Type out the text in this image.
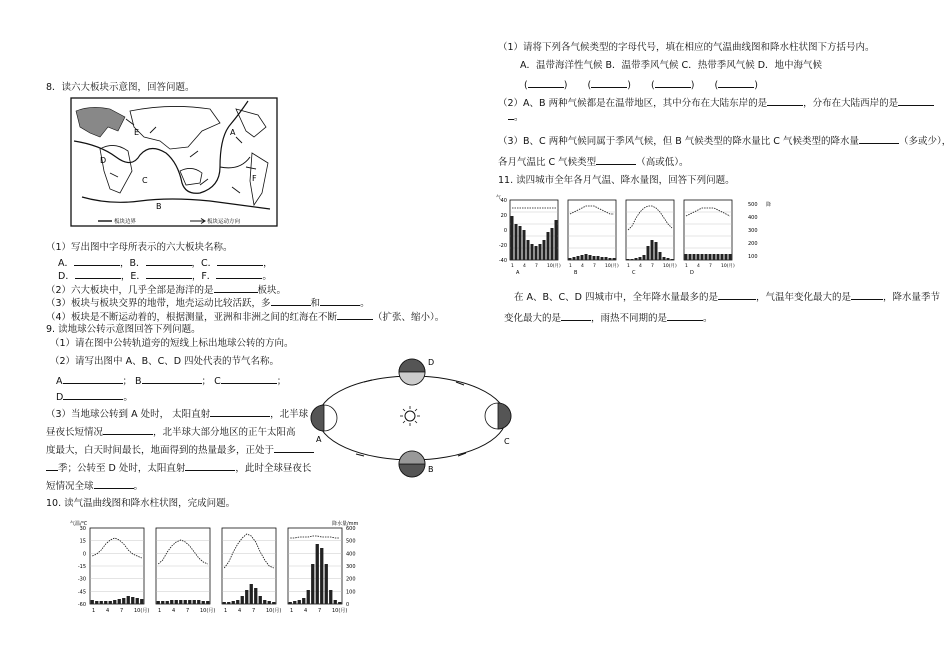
8．读六大板块示意图，回答问题。
A
B
C
D
E
F
板块边界	板块运动方向
（1）写出图中字母所表示的六大板块名称。
A．	，B．	，C．	，
D．	，E．	，F．	。
（2）六大板块中，几乎全部是海洋的是	板块。
（3）板块与板块交界的地带，地壳运动比较活跃，多	和	。
（4）板块是不断运动着的，根据测量，亚洲和非洲之间的红海在不断	（扩张、缩小）。
9. 读地球公转示意图回答下列问题。
（1）请在图中公转轨道旁的短线上标出地球公转的方向。
（2）请写出图中 A、B、C、D 四处代表的节气名称。
A	； B	； C	；
D	。
（3）当地球公转到 A 处时， 太阳直射	，北半球
昼夜长短情况	，北半球大部分地区的正午太阳高
度最大，白天时间最长，地面得到的热量最多，正处于
季；公转至 D 处时，太阳直射	，此时全球昼夜长
短情况全球	。
A
B
C
D
10. 读气温曲线图和降水柱状图，完成问题。
气温/℃	降水量/mm
30
15
0
-15
-30
-45
-60
600
500
400
300
200
100
0
1 4 7 10(月) 1 4 7 10(月) 1 4 7 10(月) 1 4 7 10(月)
（1）请将下列各气候类型的字母代号，填在相应的气温曲线图和降水柱状图下方括号内。
A．温带海洋性气候 B．温带季风气候 C．热带季风气候 D．地中海气候
(	) (	) (	) (	)
（2）A、B 两种气候都是在温带地区，其中分布在大陆东岸的是	，分布在大陆西岸的是
。
（3）B、C 两种气候同属于季风气候，但 B 气候类型的降水量比 C 气候类型的降水量	（多或少），
各月气温比 C 气候类型	（高或低）。
11. 读四城市全年各月气温、降水量图，回答下列问题。
40
20
0
-20
-40
500
400
300
200
100
降
气
1 4 7 10(月)
A
1 4 7 10(月)
B
1 4 7 10(月)
C
1 4 7 10(月)
D
在 A、B、C、D 四城市中，全年降水量最多的是	，气温年变化最大的是	，降水量季节
变化最大的是	，雨热不同期的是	。
